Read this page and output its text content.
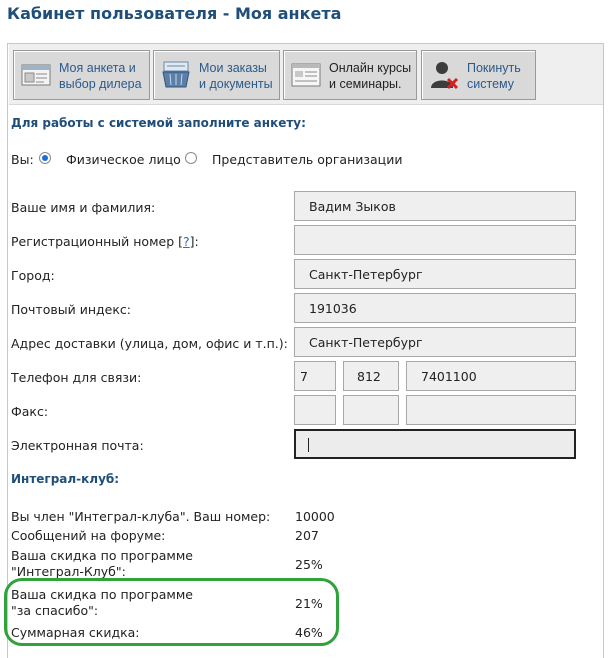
Кабинет пользователя - Моя анкета
Моя анкета и
выбор дилера
Мои заказы
и документы
Онлайн курсы
и семинары.
Покинуть
систему
Для работы с системой заполните анкету:
Вы:	Физическое лицо	Представитель организации
Ваше имя и фамилия:	Вадим Зыков
Регистрационный номер [?]:
Город:	Санкт-Петербург
Почтовый индекс:	191036
Адрес доставки (улица, дом, офис и т.п.):	Санкт-Петербург
Телефон для связи:	7	812	7401100
Факс:
Электронная почта:
Интеграл-клуб:
Вы член "Интеграл-клуба". Ваш номер: 10000
Сообщений на форуме:	207
Ваша скидка по программе
"Интеграл-Клуб":	25%
Ваша скидка по программе
"за спасибо":	21%
Суммарная скидка:	46%
